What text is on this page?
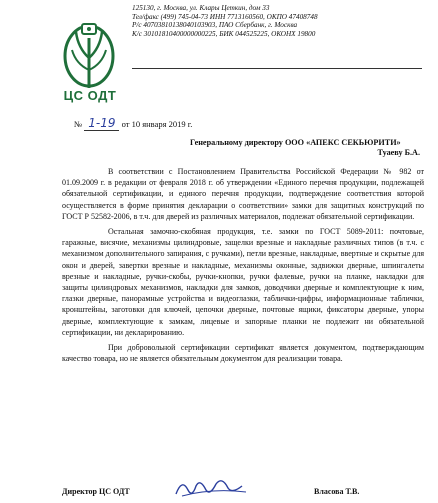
ЦС ОДТ
125130, г. Москва, ул. Клары Цеткин, дом 33
Тел/факс (499) 745-04-73 ИНН 7713160560, ОКПО 47408748
Р/с 40703810138040103903, ПАО Сбербанк, г. Москва
К/с 30101810400000000225, БИК 044525225, ОКОНХ 19800
№ 1-19 от 10 января 2019 г.
Генеральному директору ООО «АПЕКС СЕКЬЮРИТИ»
Туаеву Б.А.

В соответствии с Постановлением Правительства Российской Федерации № 982 от 01.09.2009 г. в редакции от февраля 2018 г. об утверждении «Единого перечня продукции, подлежащей обязательной сертификации, и единого перечня продукции, подтверждение соответствия которой осуществляется в форме принятия декларации о соответствии» замки для защитных конструкций по ГОСТ Р 52582-2006, в т.ч. для дверей из различных материалов, подлежат обязательной сертификации.

Остальная замочно-скобяная продукция, т.е. замки по ГОСТ 5089-2011: почтовые, гаражные, висячие, механизмы цилиндровые, защелки врезные и накладные различных типов (в т.ч. с механизмом дополнительного запирания, с ручками), петли врезные, накладные, ввертные и скрытые для окон и дверей, завертки врезные и накладные, механизмы оконные, задвижки дверные, шпингалеты врезные и накладные, ручки-скобы, ручки-кнопки, ручки фалевые, ручки на планке, накладки для защиты цилиндровых механизмов, накладки для замков, доводчики дверные и комплектующие к ним, глазки дверные, панорамные устройства и видеоглазки, таблички-цифры, информационные таблички, кронштейны, заготовки для ключей, цепочки дверные, почтовые ящики, фиксаторы дверные, упоры дверные, комплектующие к замкам, лицевые и запорные планки не подлежит ни обязательной сертификации, ни декларированию.

При добровольной сертификации сертификат является документом, подтверждающим качество товара, но не является обязательным документом для реализации товара.

Директор ЦС ОДТ	Власова Т.В.
